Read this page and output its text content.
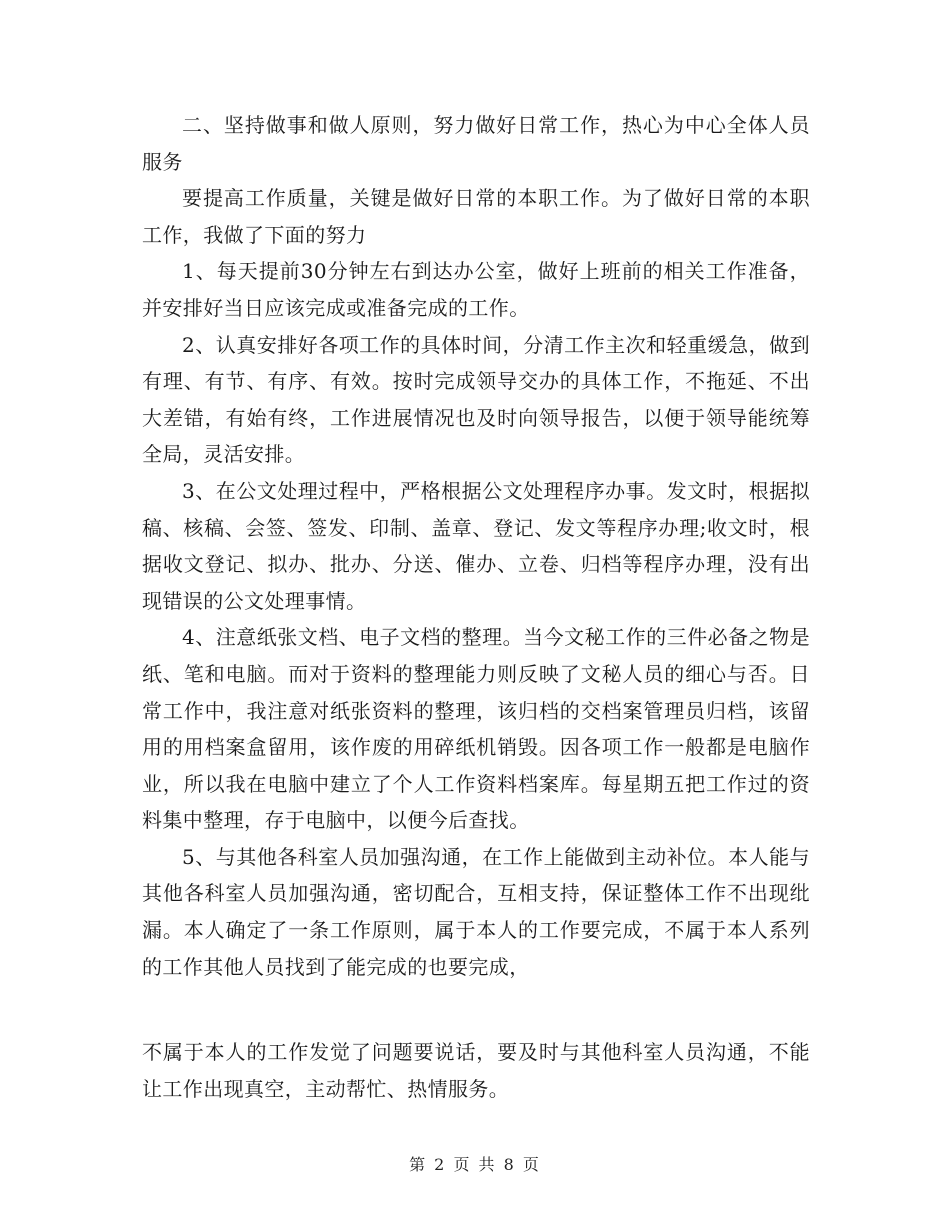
二、坚持做事和做人原则，努力做好日常工作，热心为中心全体人员服务

要提高工作质量，关键是做好日常的本职工作。为了做好日常的本职工作，我做了下面的努力

1、每天提前30分钟左右到达办公室，做好上班前的相关工作准备，并安排好当日应该完成或准备完成的工作。

2、认真安排好各项工作的具体时间，分清工作主次和轻重缓急，做到有理、有节、有序、有效。按时完成领导交办的具体工作，不拖延、不出大差错，有始有终，工作进展情况也及时向领导报告，以便于领导能统筹全局，灵活安排。

3、在公文处理过程中，严格根据公文处理程序办事。发文时，根据拟稿、核稿、会签、签发、印制、盖章、登记、发文等程序办理;收文时，根据收文登记、拟办、批办、分送、催办、立卷、归档等程序办理，没有出现错误的公文处理事情。

4、注意纸张文档、电子文档的整理。当今文秘工作的三件必备之物是纸、笔和电脑。而对于资料的整理能力则反映了文秘人员的细心与否。日常工作中，我注意对纸张资料的整理，该归档的交档案管理员归档，该留用的用档案盒留用，该作废的用碎纸机销毁。因各项工作一般都是电脑作业，所以我在电脑中建立了个人工作资料档案库。每星期五把工作过的资料集中整理，存于电脑中，以便今后查找。

5、与其他各科室人员加强沟通，在工作上能做到主动补位。本人能与其他各科室人员加强沟通，密切配合，互相支持，保证整体工作不出现纰漏。本人确定了一条工作原则，属于本人的工作要完成，不属于本人系列的工作其他人员找到了能完成的也要完成，

不属于本人的工作发觉了问题要说话，要及时与其他科室人员沟通，不能让工作出现真空，主动帮忙、热情服务。

第 2 页 共 8 页
